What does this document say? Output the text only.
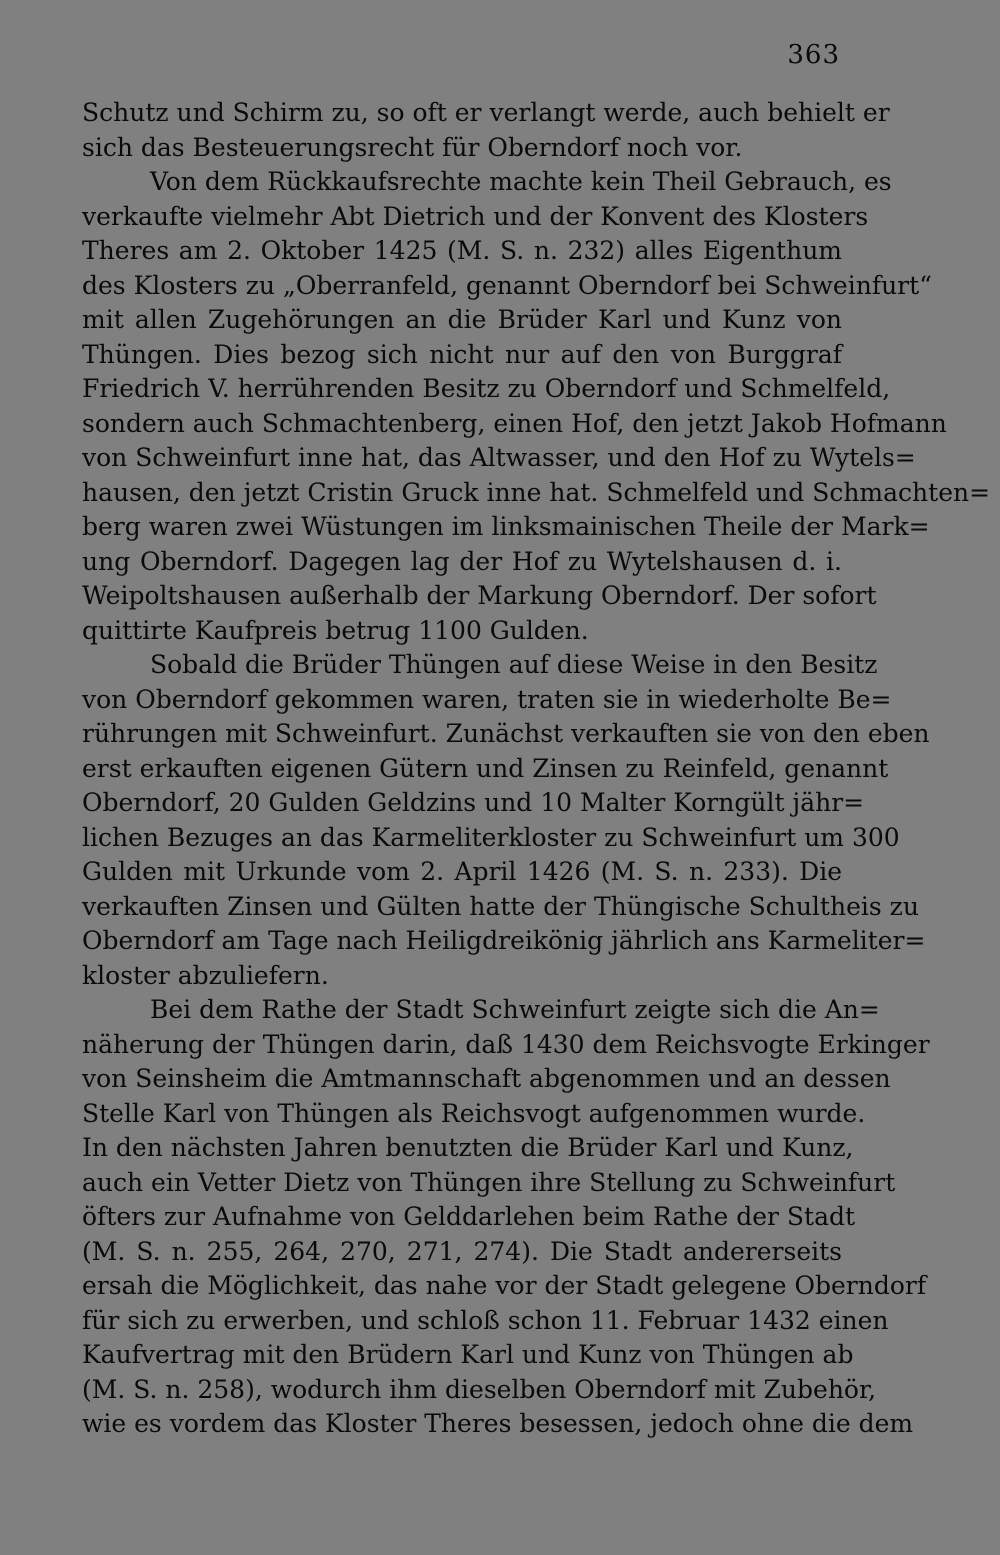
363
Schutz und Schirm zu, so oft er verlangt werde, auch behielt er
sich das Besteuerungsrecht für Oberndorf noch vor.
Von dem Rückkaufsrechte machte kein Theil Gebrauch, es
verkaufte vielmehr Abt Dietrich und der Konvent des Klosters
Theres am 2. Oktober 1425 (M. S. n. 232) alles Eigenthum
des Klosters zu „Oberranfeld, genannt Oberndorf bei Schweinfurt“
mit allen Zugehörungen an die Brüder Karl und Kunz von
Thüngen. Dies bezog sich nicht nur auf den von Burggraf
Friedrich V. herrührenden Besitz zu Oberndorf und Schmelfeld,
sondern auch Schmachtenberg, einen Hof, den jetzt Jakob Hofmann
von Schweinfurt inne hat, das Altwasser, und den Hof zu Wytels=
hausen, den jetzt Cristin Gruck inne hat. Schmelfeld und Schmachten=
berg waren zwei Wüstungen im linksmainischen Theile der Mark=
ung Oberndorf. Dagegen lag der Hof zu Wytelshausen d. i.
Weipoltshausen außerhalb der Markung Oberndorf. Der sofort
quittirte Kaufpreis betrug 1100 Gulden.
Sobald die Brüder Thüngen auf diese Weise in den Besitz
von Oberndorf gekommen waren, traten sie in wiederholte Be=
rührungen mit Schweinfurt. Zunächst verkauften sie von den eben
erst erkauften eigenen Gütern und Zinsen zu Reinfeld, genannt
Oberndorf, 20 Gulden Geldzins und 10 Malter Korngült jähr=
lichen Bezuges an das Karmeliterkloster zu Schweinfurt um 300
Gulden mit Urkunde vom 2. April 1426 (M. S. n. 233). Die
verkauften Zinsen und Gülten hatte der Thüngische Schultheis zu
Oberndorf am Tage nach Heiligdreikönig jährlich ans Karmeliter=
kloster abzuliefern.
Bei dem Rathe der Stadt Schweinfurt zeigte sich die An=
näherung der Thüngen darin, daß 1430 dem Reichsvogte Erkinger
von Seinsheim die Amtmannschaft abgenommen und an dessen
Stelle Karl von Thüngen als Reichsvogt aufgenommen wurde.
In den nächsten Jahren benutzten die Brüder Karl und Kunz,
auch ein Vetter Dietz von Thüngen ihre Stellung zu Schweinfurt
öfters zur Aufnahme von Gelddarlehen beim Rathe der Stadt
(M. S. n. 255, 264, 270, 271, 274). Die Stadt andererseits
ersah die Möglichkeit, das nahe vor der Stadt gelegene Oberndorf
für sich zu erwerben, und schloß schon 11. Februar 1432 einen
Kaufvertrag mit den Brüdern Karl und Kunz von Thüngen ab
(M. S. n. 258), wodurch ihm dieselben Oberndorf mit Zubehör,
wie es vordem das Kloster Theres besessen, jedoch ohne die dem
